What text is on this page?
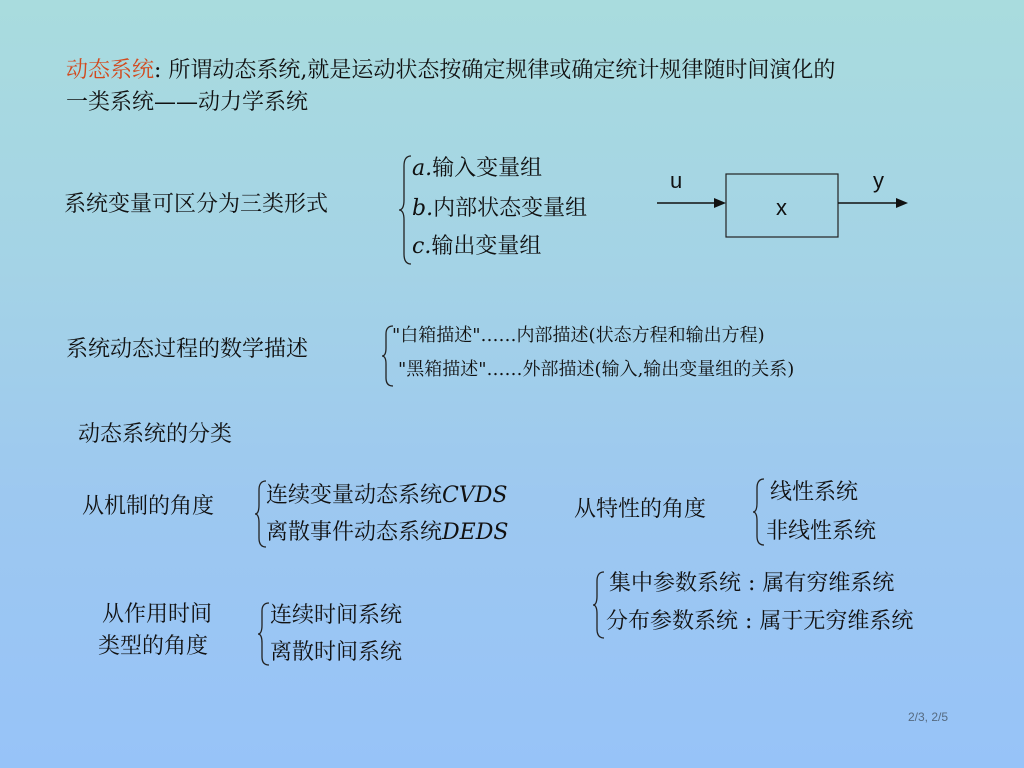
动态系统: 所谓动态系统,就是运动状态按确定规律或确定统计规律随时间演化的
一类系统——动力学系统
系统变量可区分为三类形式
a.输入变量组
b.内部状态变量组
c.输出变量组
u
x
y
系统动态过程的数学描述
"白箱描述"……内部描述(状态方程和输出方程)
"黑箱描述"……外部描述(输入,输出变量组的关系)
动态系统的分类
从机制的角度 连续变量动态系统CVDS
离散事件动态系统DEDS
从特性的角度
线性系统
非线性系统
集中参数系统 : 属有穷维系统
分布参数系统 : 属于无穷维系统
从作用时间
类型的角度
连续时间系统
离散时间系统
2/3, 2/5
